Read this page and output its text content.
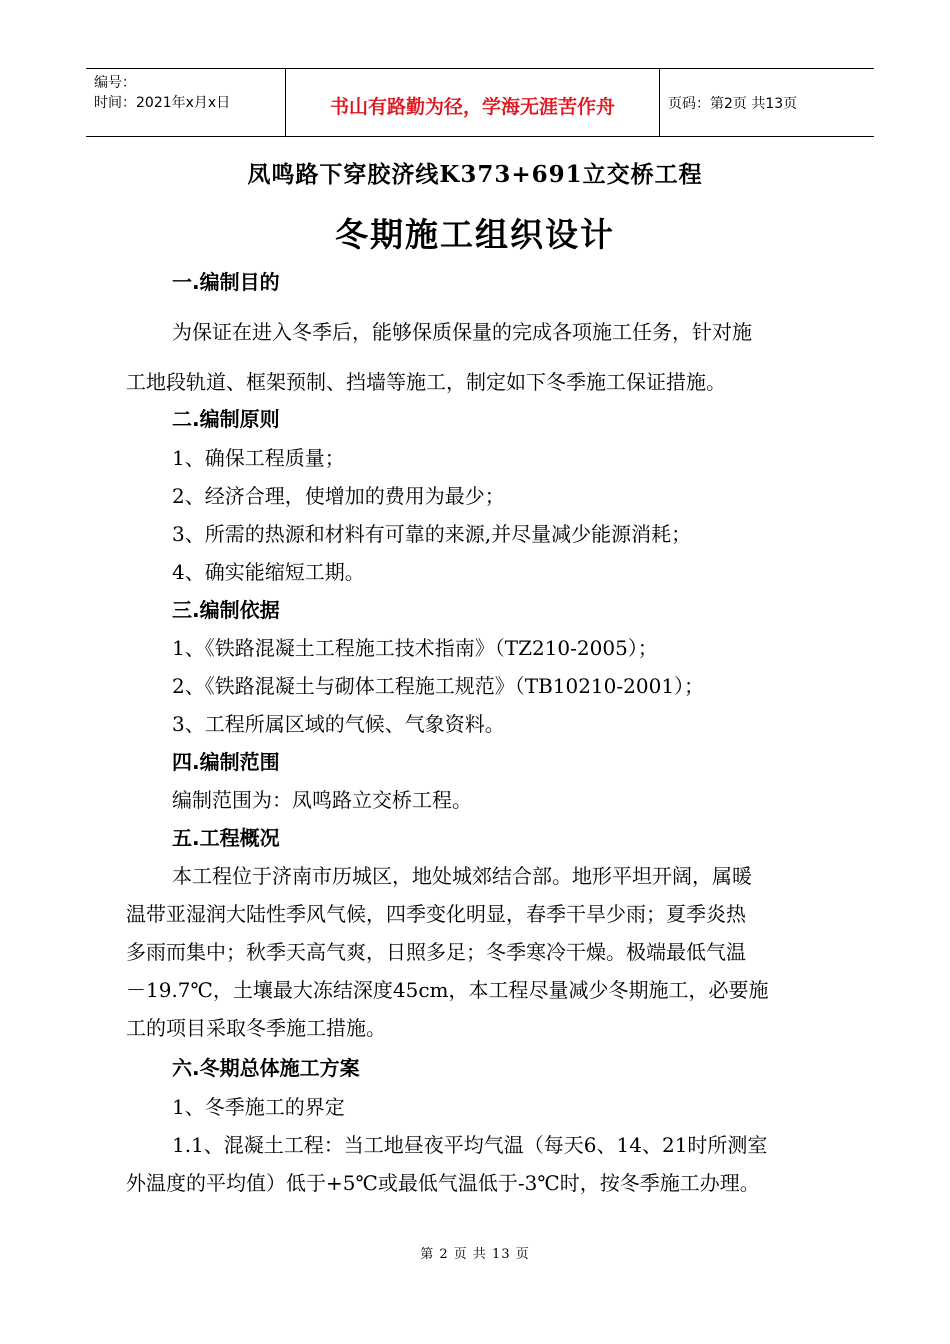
编号：
时间：2021年x月x日	书山有路勤为径，学海无涯苦作舟	页码：第2页 共13页
凤鸣路下穿胶济线K373+691立交桥工程
冬期施工组织设计
一.编制目的
为保证在进入冬季后，能够保质保量的完成各项施工任务，针对施
工地段轨道、框架预制、挡墙等施工，制定如下冬季施工保证措施。
二.编制原则
1、确保工程质量；
2、经济合理，使增加的费用为最少；
3、所需的热源和材料有可靠的来源,并尽量减少能源消耗；
4、确实能缩短工期。
三.编制依据
1、《铁路混凝土工程施工技术指南》（TZ210-2005）；
2、《铁路混凝土与砌体工程施工规范》（TB10210-2001）；
3、工程所属区域的气候、气象资料。
四.编制范围
编制范围为：凤鸣路立交桥工程。
五.工程概况
本工程位于济南市历城区，地处城郊结合部。地形平坦开阔，属暖
温带亚湿润大陆性季风气候，四季变化明显，春季干旱少雨；夏季炎热
多雨而集中；秋季天高气爽，日照多足；冬季寒冷干燥。极端最低气温
－19.7℃，土壤最大冻结深度45cm，本工程尽量减少冬期施工，必要施
工的项目采取冬季施工措施。
六.冬期总体施工方案
1、冬季施工的界定
1.1、混凝土工程：当工地昼夜平均气温（每天6、14、21时所测室
外温度的平均值）低于+5℃或最低气温低于-3℃时，按冬季施工办理。
第 2 页 共 13 页
